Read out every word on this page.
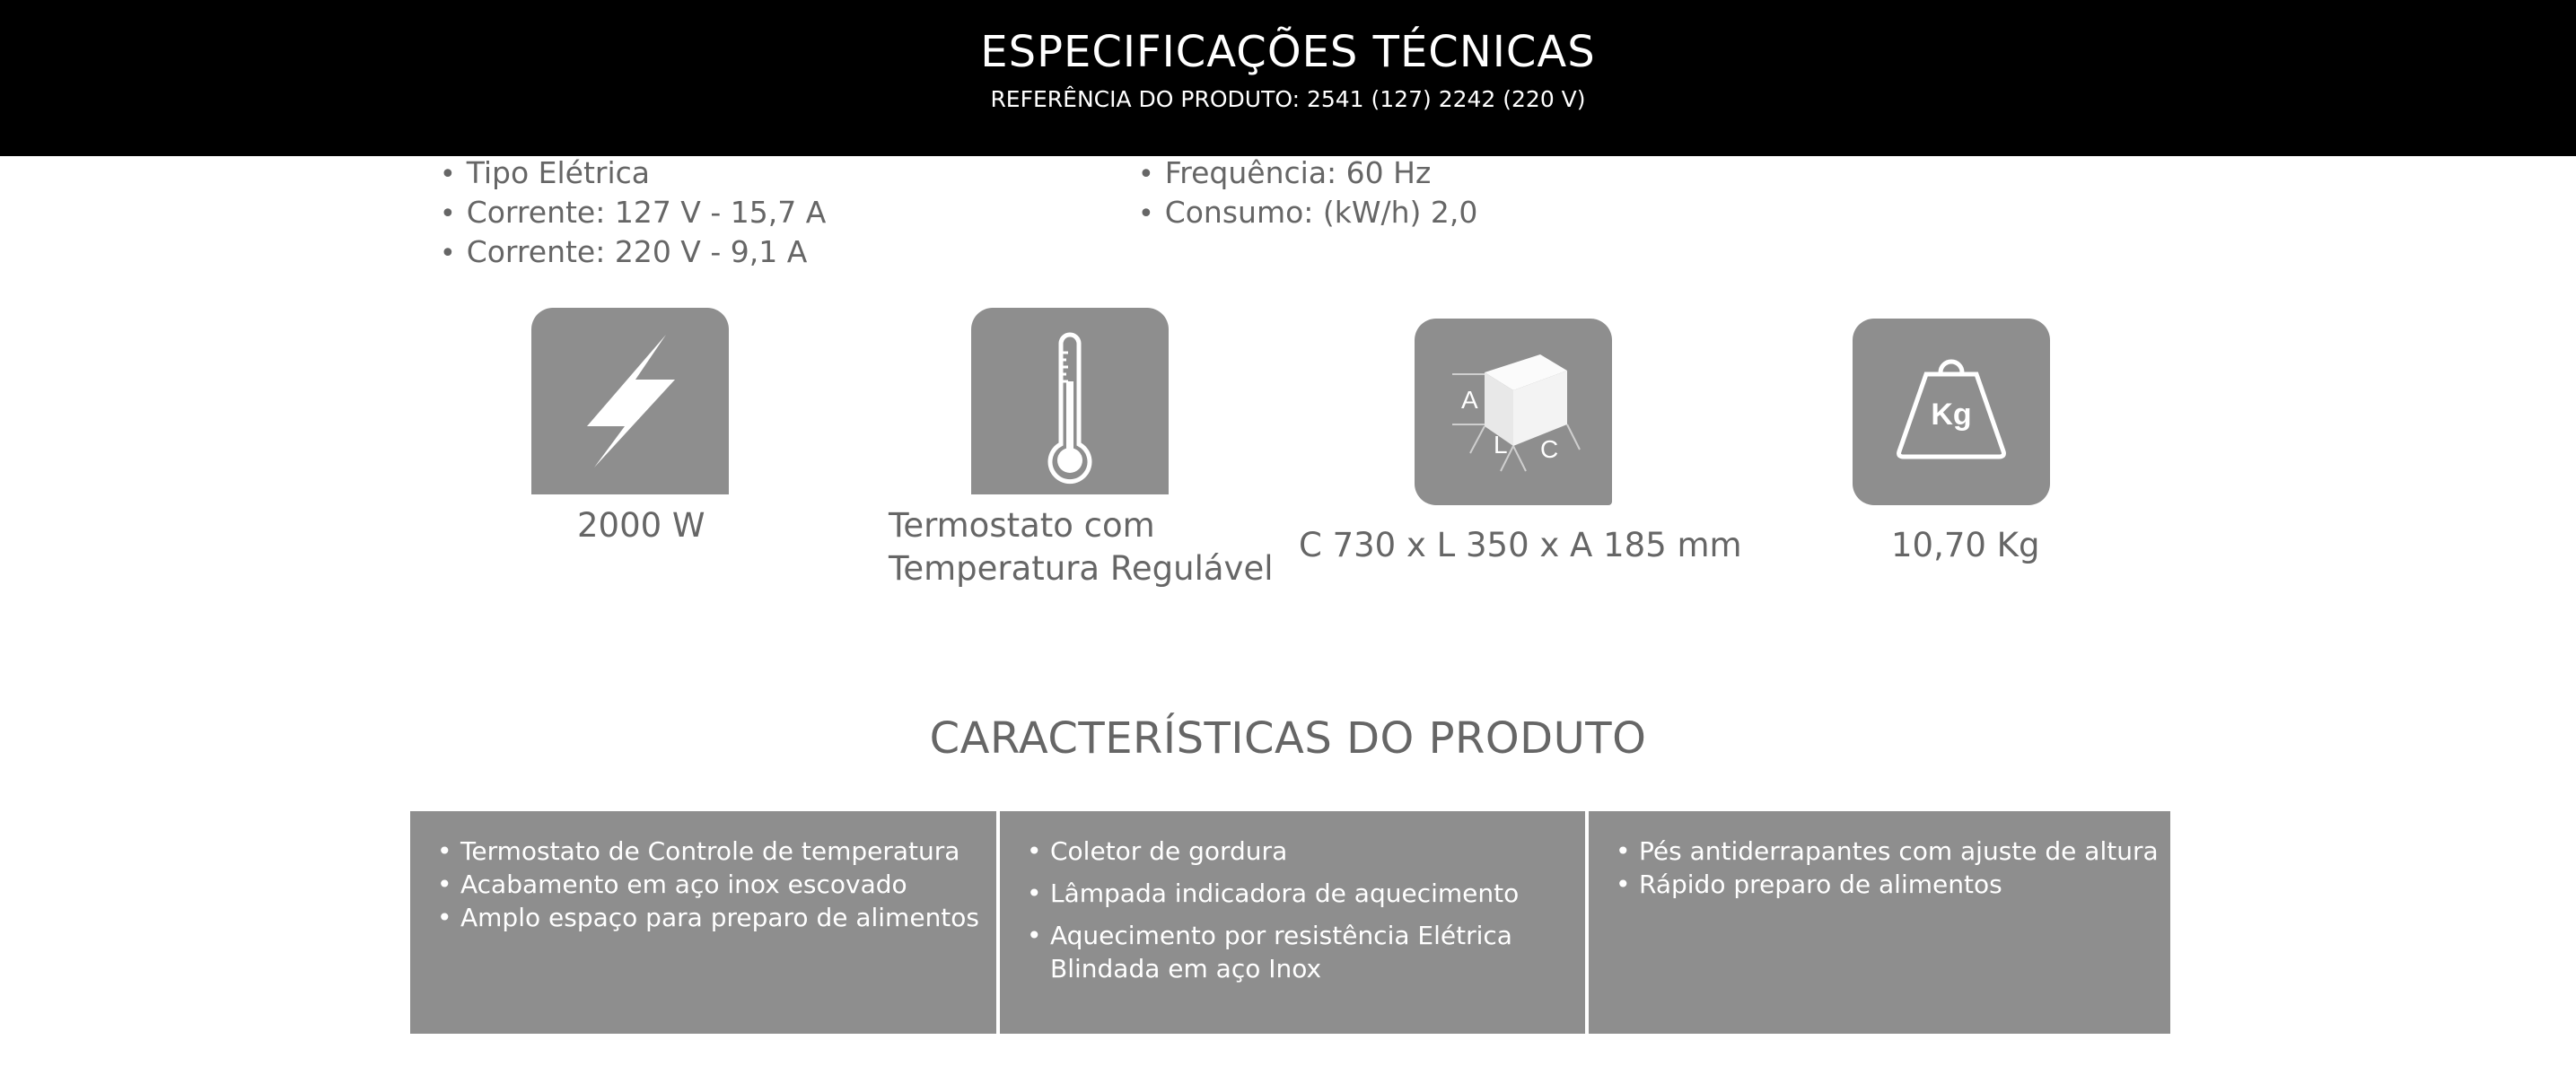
ESPECIFICAÇÕES TÉCNICAS
REFERÊNCIA DO PRODUTO: 2541 (127) 2242 (220 V)
• Tipo Elétrica
• Corrente: 127 V - 15,7 A
• Corrente: 220 V - 9,1 A
• Frequência: 60 Hz
• Consumo: (kW/h) 2,0
2000 W	Termostato com
Temperatura Regulável
A
L C
C 730 x L 350 x A 185 mm
Kg
10,70 Kg
CARACTERÍSTICAS DO PRODUTO
• Termostato de Controle de temperatura
• Acabamento em aço inox escovado
• Amplo espaço para preparo de alimentos
• Coletor de gordura
• Lâmpada indicadora de aquecimento
• Aquecimento por resistência Elétrica
Blindada em aço Inox
• Pés antiderrapantes com ajuste de altura
• Rápido preparo de alimentos
